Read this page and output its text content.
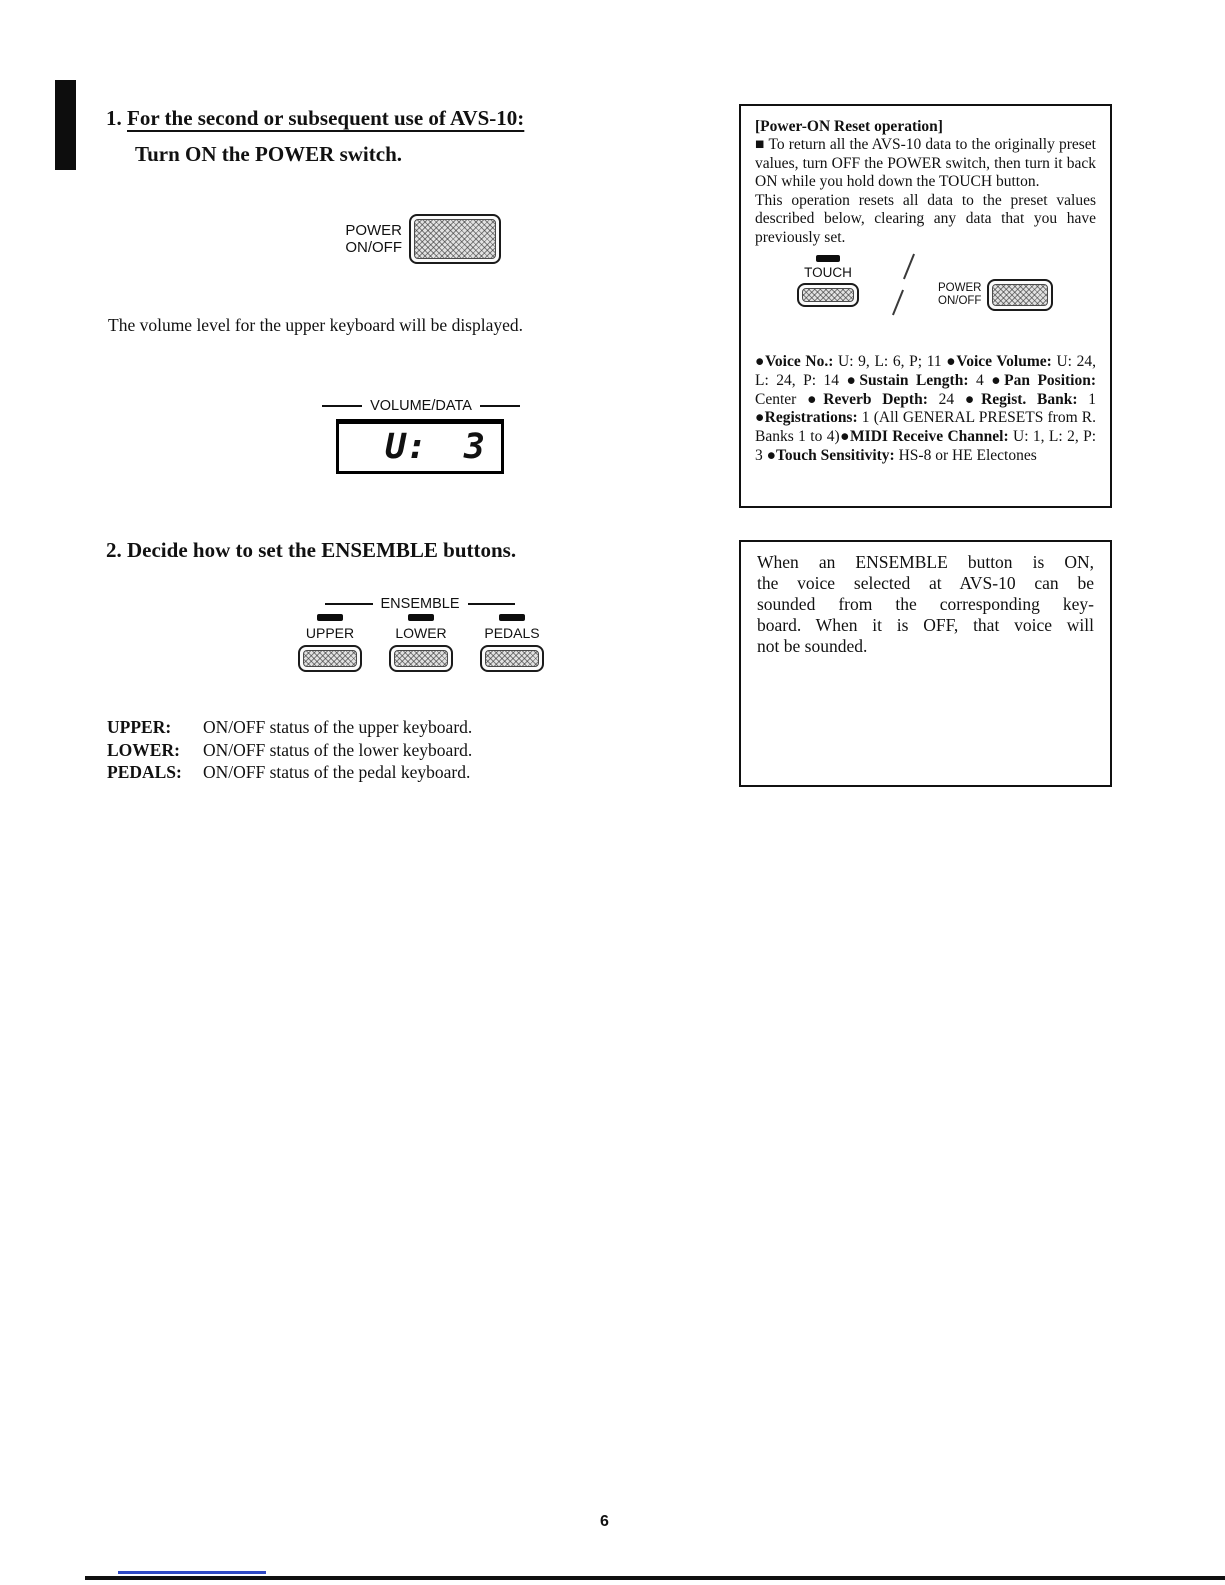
1. For the second or subsequent use of AVS-10:
Turn ON the POWER switch.
POWER
ON/OFF
The volume level for the upper keyboard will be displayed.
VOLUME/DATA
U: 3
2. Decide how to set the ENSEMBLE buttons.
ENSEMBLE
UPPER	LOWER	PEDALS
UPPER: ON/OFF status of the upper keyboard.
LOWER: ON/OFF status of the lower keyboard.
PEDALS: ON/OFF status of the pedal keyboard.
[Power-ON Reset operation]
■ To return all the AVS-10 data to the originally preset values, turn OFF the POWER switch, then turn it back ON while you hold down the TOUCH button.
This operation resets all data to the preset values described below, clearing any data that you have previously set.
TOUCH
POWER
ON/OFF
●Voice No.: U: 9, L: 6, P; 11 ●Voice Volume: U: 24, L: 24, P: 14 ●Sustain Length: 4 ●Pan Position: Center ●Reverb Depth: 24 ●Regist. Bank: 1 ●Registrations: 1 (All GENERAL PRESETS from R. Banks 1 to 4)●MIDI Receive Channel: U: 1, L: 2, P: 3 ●Touch Sensitivity: HS-8 or HE Electones
When an ENSEMBLE button is ON,
the voice selected at AVS-10 can be
sounded from the corresponding key-
board. When it is OFF, that voice will
not be sounded.
6
